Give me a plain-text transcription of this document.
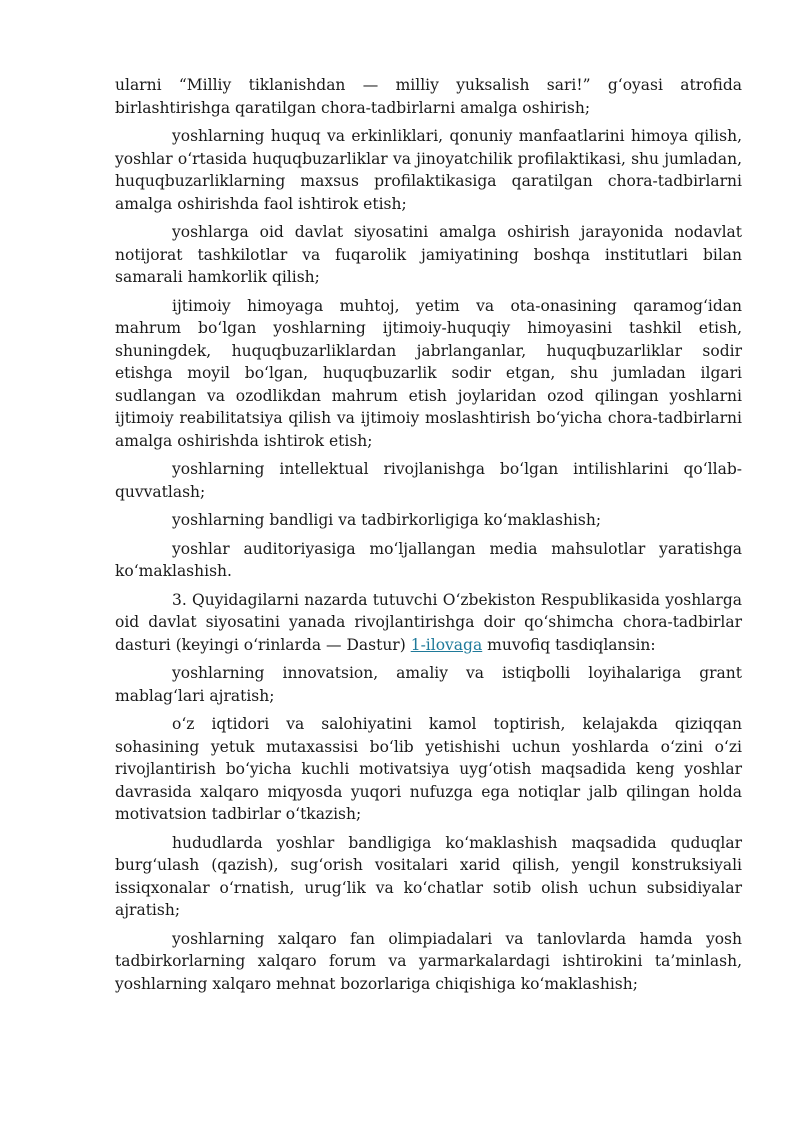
ularni “Milliy tiklanishdan — milliy yuksalish sari!” g‘oyasi atrofida birlashtirishga qaratilgan chora-tadbirlarni amalga oshirish;

yoshlarning huquq va erkinliklari, qonuniy manfaatlarini himoya qilish, yoshlar o‘rtasida huquqbuzarliklar va jinoyatchilik profilaktikasi, shu jumladan, huquqbuzarliklarning maxsus profilaktikasiga qaratilgan chora-tadbirlarni amalga oshirishda faol ishtirok etish;

yoshlarga oid davlat siyosatini amalga oshirish jarayonida nodavlat notijorat tashkilotlar va fuqarolik jamiyatining boshqa institutlari bilan samarali hamkorlik qilish;

ijtimoiy himoyaga muhtoj, yetim va ota-onasining qaramog‘idan mahrum bo‘lgan yoshlarning ijtimoiy-huquqiy himoyasini tashkil etish, shuningdek, huquqbuzarliklardan jabrlanganlar, huquqbuzarliklar sodir etishga moyil bo‘lgan, huquqbuzarlik sodir etgan, shu jumladan ilgari sudlangan va ozodlikdan mahrum etish joylaridan ozod qilingan yoshlarni ijtimoiy reabilitatsiya qilish va ijtimoiy moslashtirish bo‘yicha chora-tadbirlarni amalga oshirishda ishtirok etish;

yoshlarning intellektual rivojlanishga bo‘lgan intilishlarini qo‘llab-quvvatlash;

yoshlarning bandligi va tadbirkorligiga ko‘maklashish;

yoshlar auditoriyasiga mo‘ljallangan media mahsulotlar yaratishga ko‘maklashish.

3. Quyidagilarni nazarda tutuvchi O‘zbekiston Respublikasida yoshlarga oid davlat siyosatini yanada rivojlantirishga doir qo‘shimcha chora-tadbirlar dasturi (keyingi o‘rinlarda — Dastur) 1-ilovaga muvofiq tasdiqlansin:

yoshlarning innovatsion, amaliy va istiqbolli loyihalariga grant mablag‘lari ajratish;

o‘z iqtidori va salohiyatini kamol toptirish, kelajakda qiziqqan sohasining yetuk mutaxassisi bo‘lib yetishishi uchun yoshlarda o‘zini o‘zi rivojlantirish bo‘yicha kuchli motivatsiya uyg‘otish maqsadida keng yoshlar davrasida xalqaro miqyosda yuqori nufuzga ega notiqlar jalb qilingan holda motivatsion tadbirlar o‘tkazish;

hududlarda yoshlar bandligiga ko‘maklashish maqsadida quduqlar burg‘ulash (qazish), sug‘orish vositalari xarid qilish, yengil konstruksiyali issiqxonalar o‘rnatish, urug‘lik va ko‘chatlar sotib olish uchun subsidiyalar ajratish;

yoshlarning xalqaro fan olimpiadalari va tanlovlarda hamda yosh tadbirkorlarning xalqaro forum va yarmarkalardagi ishtirokini ta’minlash, yoshlarning xalqaro mehnat bozorlariga chiqishiga ko‘maklashish;
